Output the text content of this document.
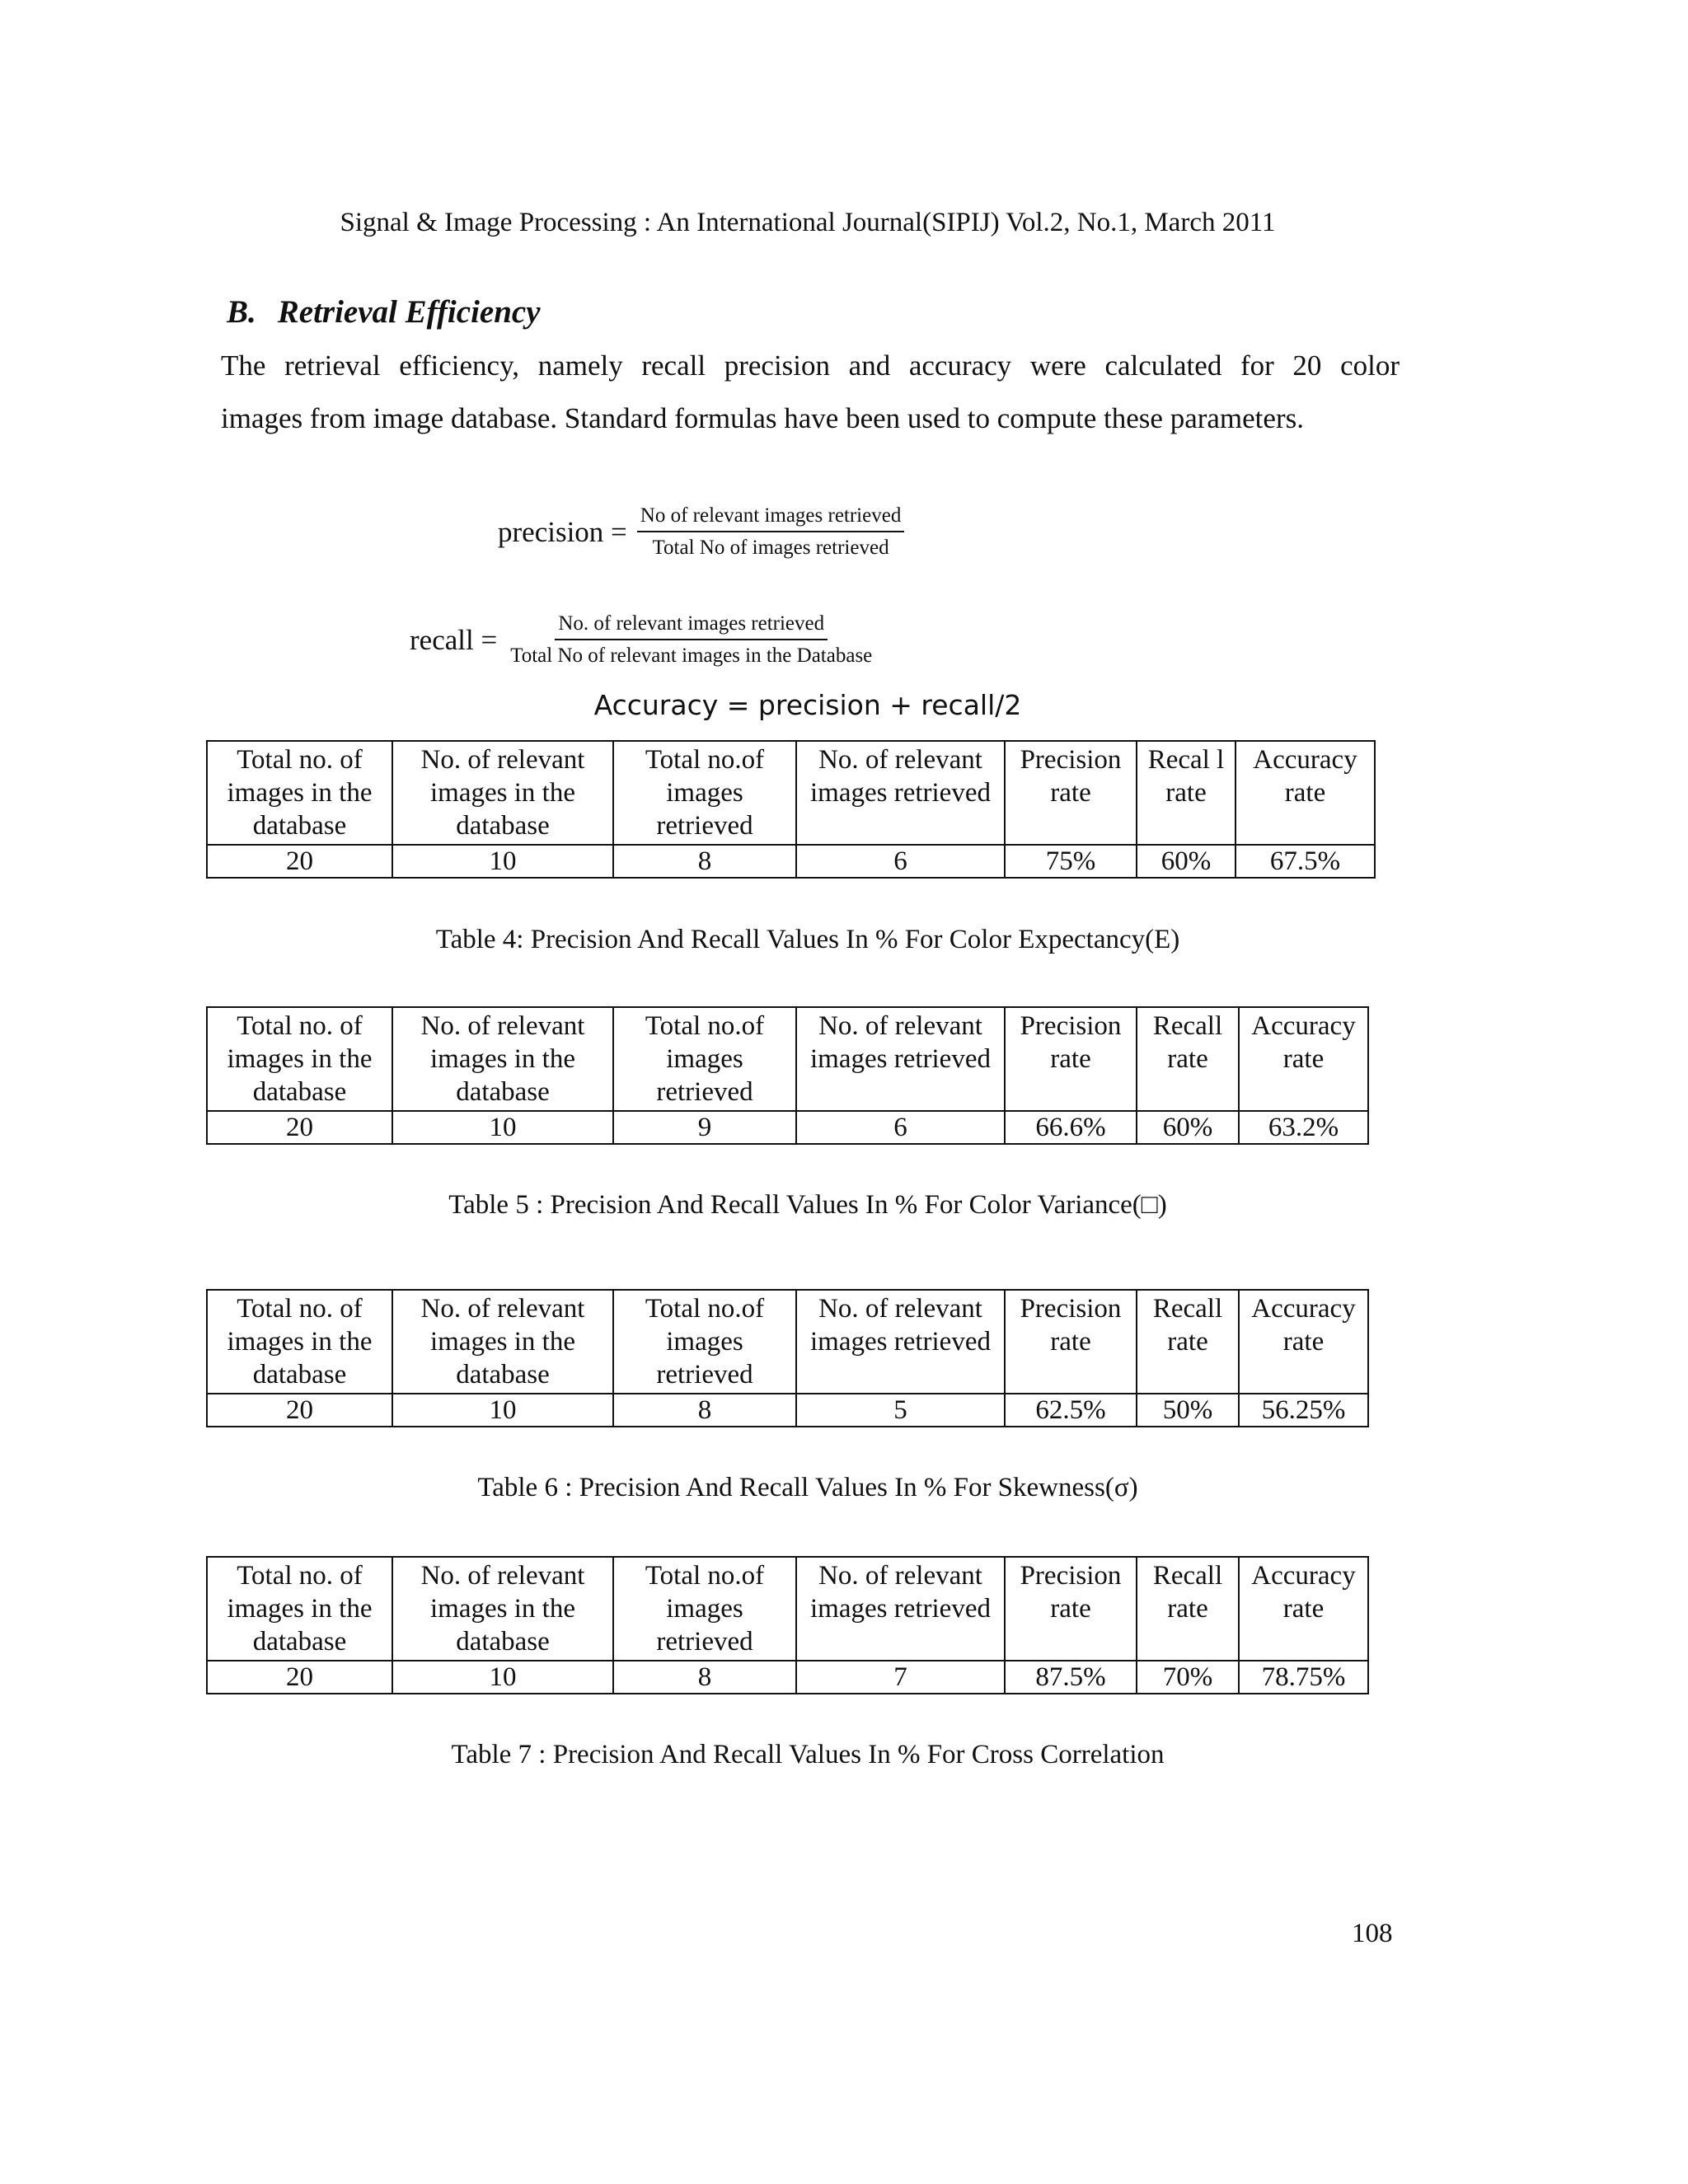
Signal & Image Processing : An International Journal(SIPIJ) Vol.2, No.1, March 2011
B. Retrieval Efficiency
The retrieval efficiency, namely recall precision and accuracy were calculated for 20 color
images from image database. Standard formulas have been used to compute these parameters.
precision = $\frac{\text{No of relevant images retrieved}}{\text{Total No of images retrieved}}$
recall = $\frac{\text{No. of relevant images retrieved}}{\text{Total No of relevant images in the Database}}$
Accuracy = precision + recall/2
Total no. of images in the database	No. of relevant images in the database	Total no.of images retrieved	No. of relevant images retrieved	Precision rate	Recal l rate	Accuracy rate
20	10	8	6	75%	60%	67.5%
Table 4: Precision And Recall Values In % For Color Expectancy(E)
Total no. of images in the database	No. of relevant images in the database	Total no.of images retrieved	No. of relevant images retrieved	Precision rate	Recall rate	Accuracy rate
20	10	9	6	66.6%	60%	63.2%
Table 5 : Precision And Recall Values In % For Color Variance(□)
Total no. of images in the database	No. of relevant images in the database	Total no.of images retrieved	No. of relevant images retrieved	Precision rate	Recall rate	Accuracy rate
20	10	8	5	62.5%	50%	56.25%
Table 6 : Precision And Recall Values In % For Skewness(σ)
Total no. of images in the database	No. of relevant images in the database	Total no.of images retrieved	No. of relevant images retrieved	Precision rate	Recall rate	Accuracy rate
20	10	8	7	87.5%	70%	78.75%
Table 7 : Precision And Recall Values In % For Cross Correlation
108
